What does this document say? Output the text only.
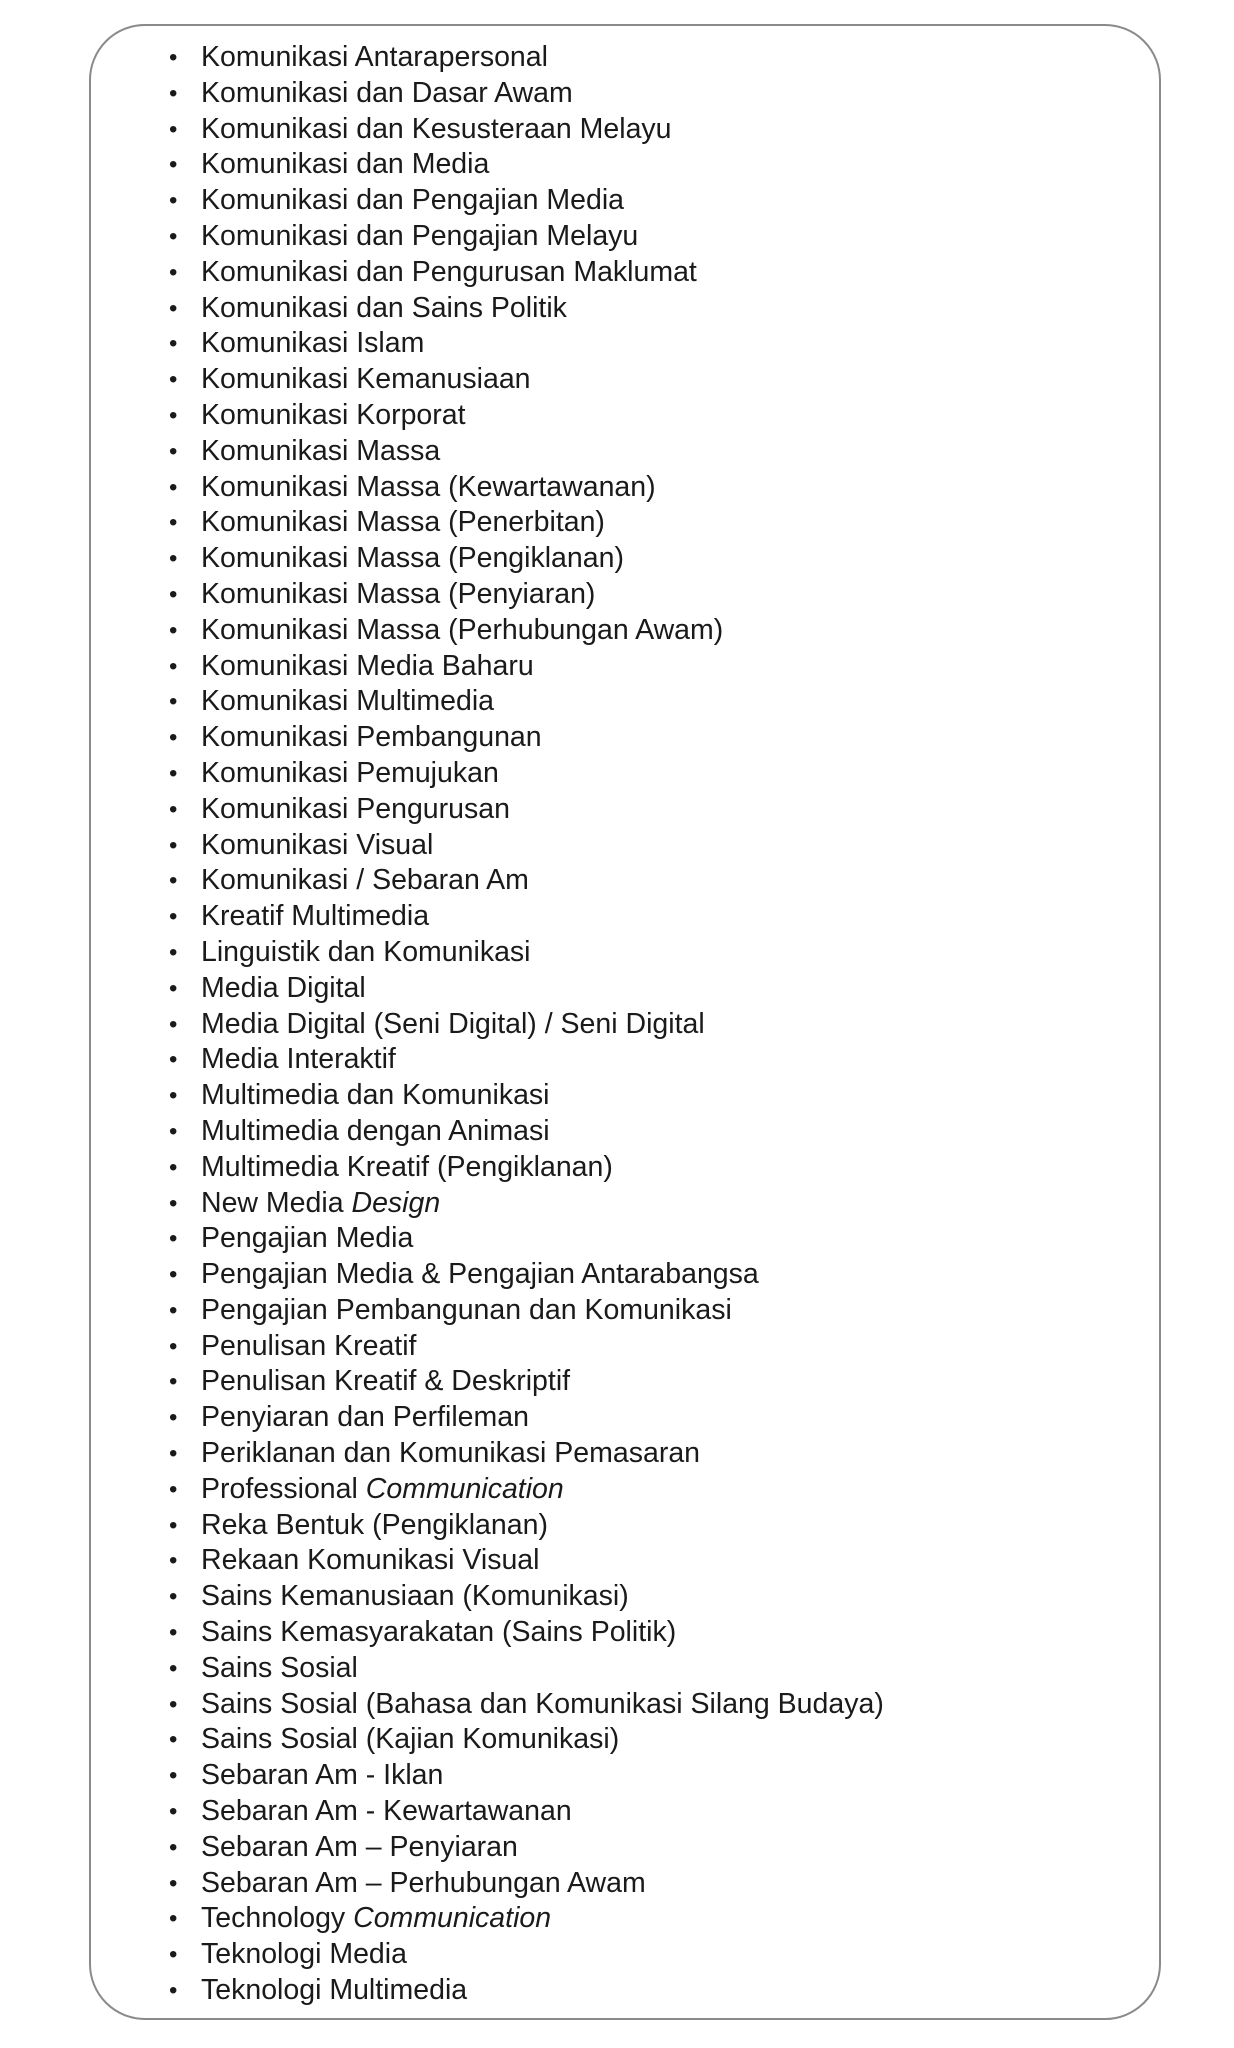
• Komunikasi Antarapersonal
• Komunikasi dan Dasar Awam
• Komunikasi dan Kesusteraan Melayu
• Komunikasi dan Media
• Komunikasi dan Pengajian Media
• Komunikasi dan Pengajian Melayu
• Komunikasi dan Pengurusan Maklumat
• Komunikasi dan Sains Politik
• Komunikasi Islam
• Komunikasi Kemanusiaan
• Komunikasi Korporat
• Komunikasi Massa
• Komunikasi Massa (Kewartawanan)
• Komunikasi Massa (Penerbitan)
• Komunikasi Massa (Pengiklanan)
• Komunikasi Massa (Penyiaran)
• Komunikasi Massa (Perhubungan Awam)
• Komunikasi Media Baharu
• Komunikasi Multimedia
• Komunikasi Pembangunan
• Komunikasi Pemujukan
• Komunikasi Pengurusan
• Komunikasi Visual
• Komunikasi / Sebaran Am
• Kreatif Multimedia
• Linguistik dan Komunikasi
• Media Digital
• Media Digital (Seni Digital) / Seni Digital
• Media Interaktif
• Multimedia dan Komunikasi
• Multimedia dengan Animasi
• Multimedia Kreatif (Pengiklanan)
• New Media Design
• Pengajian Media
• Pengajian Media & Pengajian Antarabangsa
• Pengajian Pembangunan dan Komunikasi
• Penulisan Kreatif
• Penulisan Kreatif & Deskriptif
• Penyiaran dan Perfileman
• Periklanan dan Komunikasi Pemasaran
• Professional Communication
• Reka Bentuk (Pengiklanan)
• Rekaan Komunikasi Visual
• Sains Kemanusiaan (Komunikasi)
• Sains Kemasyarakatan (Sains Politik)
• Sains Sosial
• Sains Sosial (Bahasa dan Komunikasi Silang Budaya)
• Sains Sosial (Kajian Komunikasi)
• Sebaran Am - Iklan
• Sebaran Am - Kewartawanan
• Sebaran Am – Penyiaran
• Sebaran Am – Perhubungan Awam
• Technology Communication
• Teknologi Media
• Teknologi Multimedia
